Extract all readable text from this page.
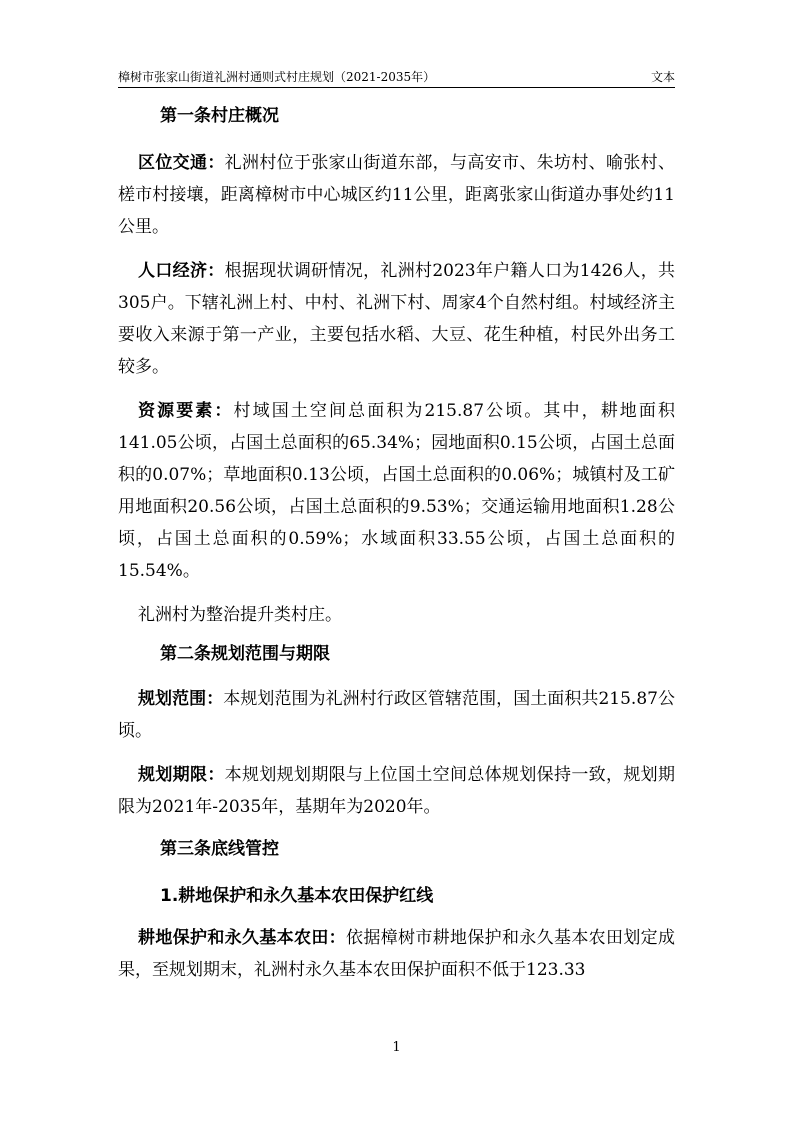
樟树市张家山街道礼洲村通则式村庄规划（2021-2035年）	文本
第一条村庄概况

区位交通：礼洲村位于张家山街道东部，与高安市、朱坊村、喻张村、槎市村接壤，距离樟树市中心城区约11公里，距离张家山街道办事处约11公里。

人口经济：根据现状调研情况，礼洲村2023年户籍人口为1426人，共305户。下辖礼洲上村、中村、礼洲下村、周家4个自然村组。村域经济主要收入来源于第一产业，主要包括水稻、大豆、花生种植，村民外出务工较多。

资源要素：村域国土空间总面积为215.87公顷。其中，耕地面积141.05公顷，占国土总面积的65.34%；园地面积0.15公顷，占国土总面积的0.07%；草地面积0.13公顷，占国土总面积的0.06%；城镇村及工矿用地面积20.56公顷，占国土总面积的9.53%；交通运输用地面积1.28公顷，占国土总面积的0.59%；水域面积33.55公顷，占国土总面积的15.54%。

礼洲村为整治提升类村庄。

第二条规划范围与期限

规划范围：本规划范围为礼洲村行政区管辖范围，国土面积共215.87公顷。

规划期限：本规划规划期限与上位国土空间总体规划保持一致，规划期限为2021年-2035年，基期年为2020年。

第三条底线管控
1.耕地保护和永久基本农田保护红线

耕地保护和永久基本农田：依据樟树市耕地保护和永久基本农田划定成果，至规划期末，礼洲村永久基本农田保护面积不低于123.33

1
